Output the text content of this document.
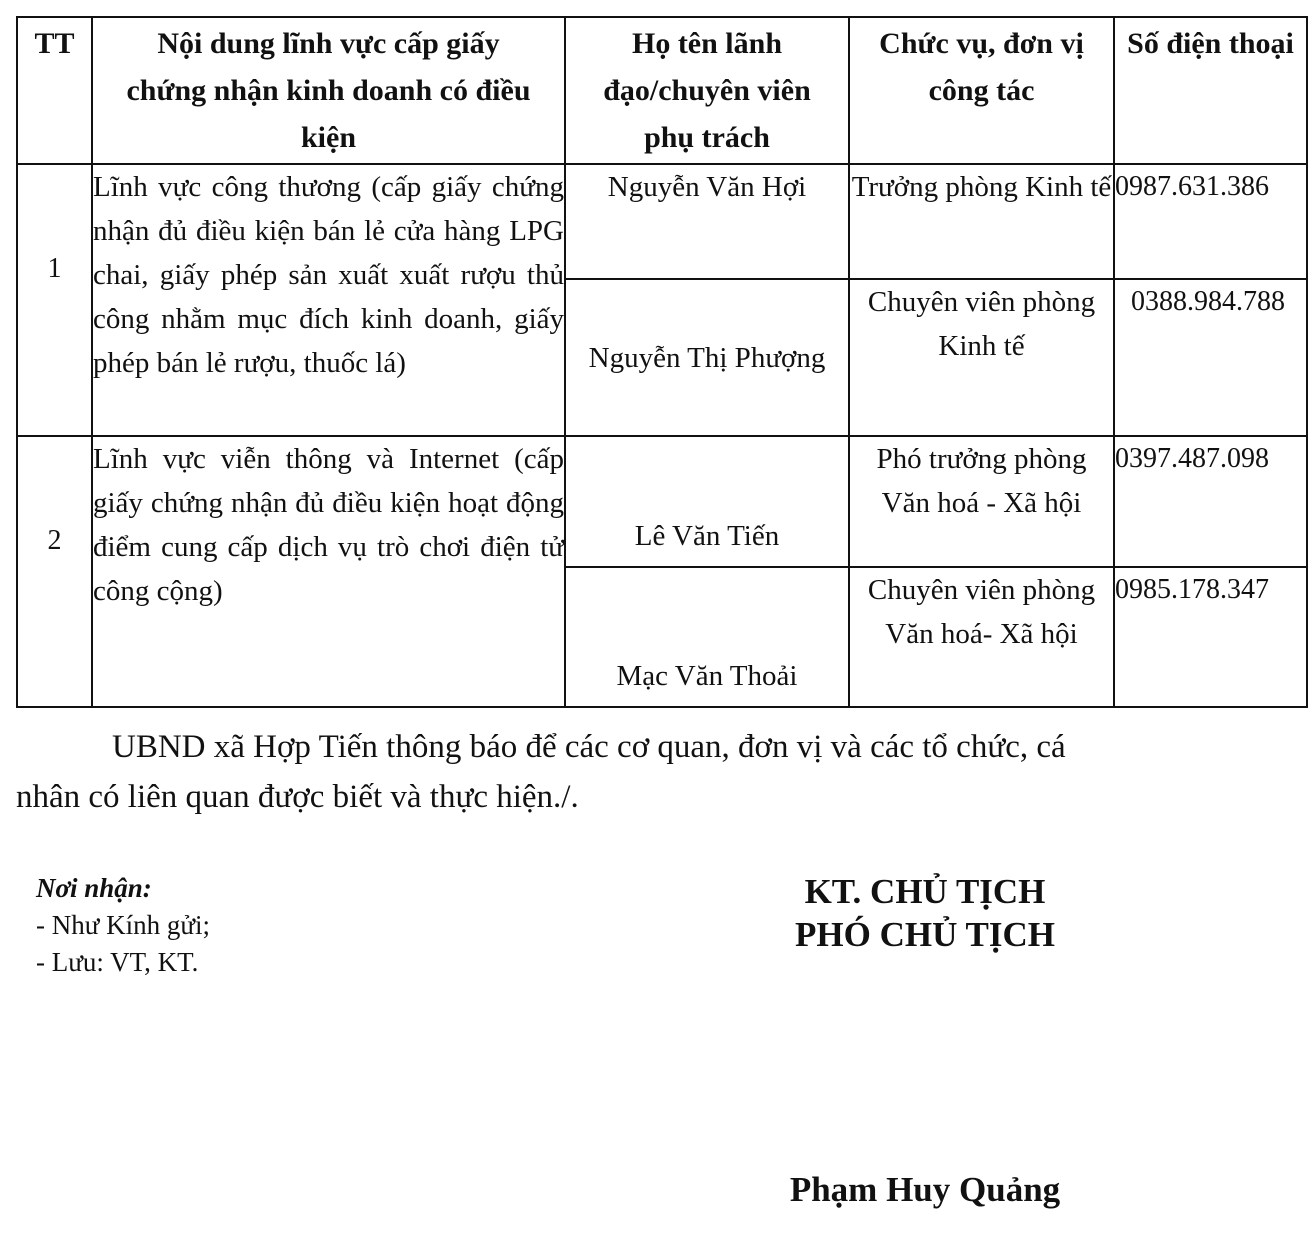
TT	Nội dung lĩnh vực cấp giấy chứng nhận kinh doanh có điều kiện	Họ tên lãnh đạo/chuyên viên phụ trách	Chức vụ, đơn vị công tác	Số điện thoại
1	Lĩnh vực công thương (cấp giấy chứng nhận đủ điều kiện bán lẻ cửa hàng LPG chai, giấy phép sản xuất xuất rượu thủ công nhằm mục đích kinh doanh, giấy phép bán lẻ rượu, thuốc lá)	Nguyễn Văn Hợi	Trưởng phòng Kinh tế	0987.631.386
		Nguyễn Thị Phượng	Chuyên viên phòng Kinh tế	0388.984.788
2	Lĩnh vực viễn thông và Internet (cấp giấy chứng nhận đủ điều kiện hoạt động điểm cung cấp dịch vụ trò chơi điện tử công cộng)	Lê Văn Tiến	Phó trưởng phòng Văn hoá - Xã hội	0397.487.098
		Mạc Văn Thoải	Chuyên viên phòng Văn hoá- Xã hội	0985.178.347

UBND xã Hợp Tiến thông báo để các cơ quan, đơn vị và các tổ chức, cá
nhân có liên quan được biết và thực hiện./.

Nơi nhận:
- Như Kính gửi;
- Lưu: VT, KT.
KT. CHỦ TỊCH
PHÓ CHỦ TỊCH
Phạm Huy Quảng
